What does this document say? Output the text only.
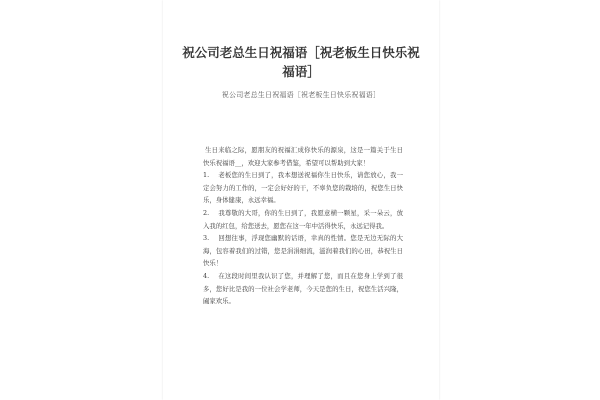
祝公司老总生日祝福语［祝老板生日快乐祝福语］
祝公司老总生日祝福语［祝老板生日快乐祝福语］

生日来临之际，愿朋友的祝福汇成你快乐的源泉，这是一篇关于生日快乐祝福语__，欢迎大家参考借鉴，希望可以帮助到大家！

1. 老板您的生日到了，我本想送祝福你生日快乐，请您放心，我一定会努力的工作的，一定会好好的干，不辜负您的栽培的，祝您生日快乐，身体健康，永远幸福。

2. 我尊敬的大哥，你的生日到了，我愿意横一颗星，采一朵云，放入我的红包，给您送去，愿您在这一年中活得快乐，永远记得我。

3. 回想往事，浮现您幽默的话语，幸真的性情。您是无边无际的大海，包容着我们的过错，您是涓涓细流，滋润着我们的心田，恭祝生日快乐！

4. 在这段时间里我认识了您，并理解了您，而且在您身上学到了很多，您好比是我的一位社会学老师，今天是您的生日，祝您生活兴隆，阖家欢乐。
